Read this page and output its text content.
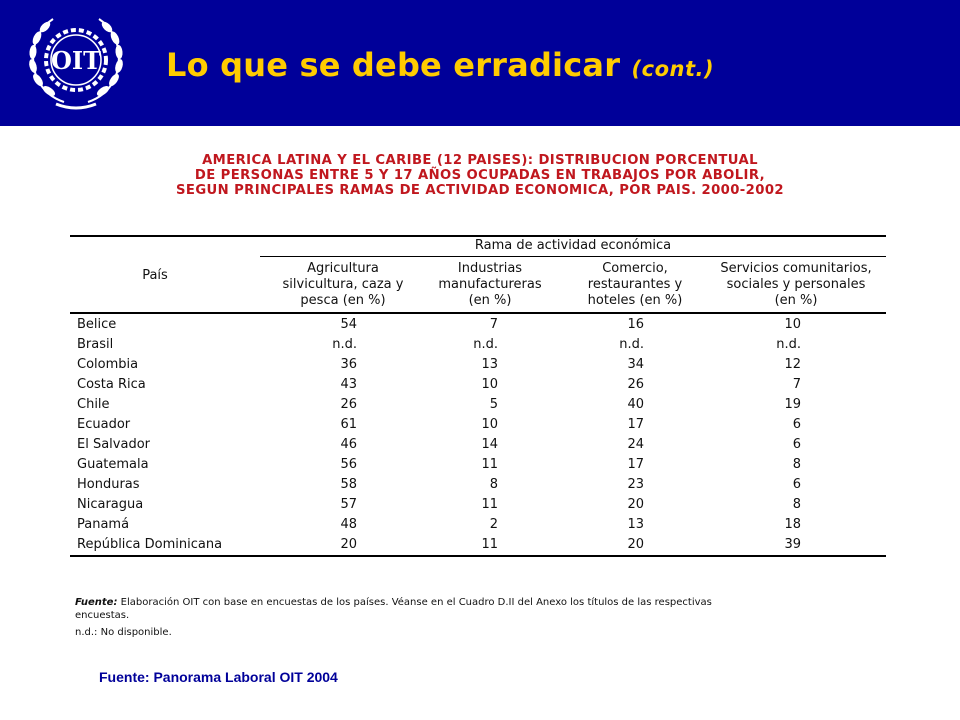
OIT Lo que se debe erradicar (cont.)
AMERICA LATINA Y EL CARIBE (12 PAISES): DISTRIBUCION PORCENTUAL
DE PERSONAS ENTRE 5 Y 17 AÑOS OCUPADAS EN TRABAJOS POR ABOLIR,
SEGUN PRINCIPALES RAMAS DE ACTIVIDAD ECONOMICA, POR PAIS. 2000-2002
País
Rama de actividad económica
Agricultura
silvicultura, caza y
pesca (en %)
Industrias
manufactureras
(en %)
Comercio,
restaurantes y
hoteles (en %)
Servicios comunitarios,
sociales y personales
(en %)
Belice	54	7	16	10
Brasil	n.d.	n.d.	n.d.	n.d.
Colombia	36	13	34	12
Costa Rica	43	10	26	7
Chile	26	5	40	19
Ecuador	61	10	17	6
El Salvador	46	14	24	6
Guatemala	56	11	17	8
Honduras	58	8	23	6
Nicaragua	57	11	20	8
Panamá	48	2	13	18
República Dominicana	20	11	20	39
Fuente: Elaboración OIT con base en encuestas de los países. Véanse en el Cuadro D.II del Anexo los títulos de las respectivas
encuestas.
n.d.: No disponible.
Fuente: Panorama Laboral OIT 2004
